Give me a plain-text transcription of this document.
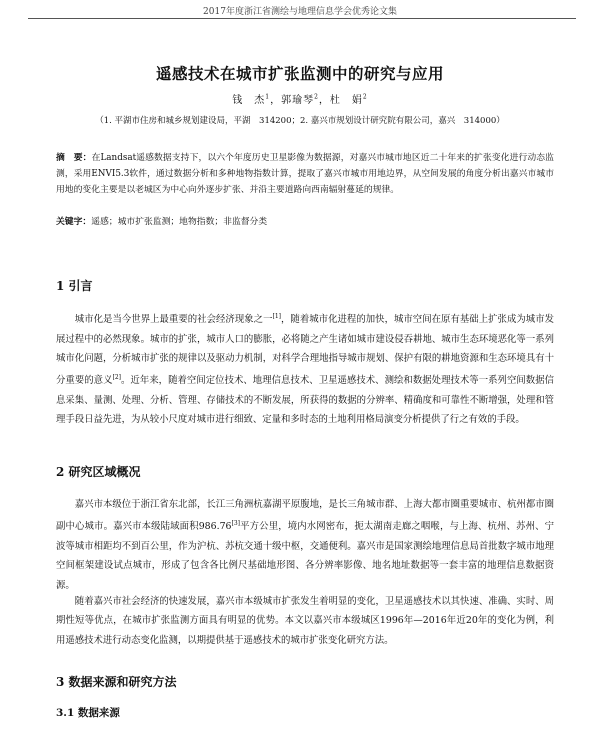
2017年度浙江省测绘与地理信息学会优秀论文集
遥感技术在城市扩张监测中的研究与应用
钱　杰$^1$，郭瑜琴$^2$，杜　娟$^2$
（1. 平湖市住房和城乡规划建设局，平湖　314200；2. 嘉兴市规划设计研究院有限公司，嘉兴　314000）
摘　要：在Landsat遥感数据支持下，以六个年度历史卫星影像为数据源，对嘉兴市城市地区近二十年来的扩张变化进行动态监测，采用ENVI5.3软件，通过数据分析和多种地物指数计算，提取了嘉兴市城市用地边界，从空间发展的角度分析出嘉兴市城市用地的变化主要是以老城区为中心向外逐步扩张、并沿主要道路向西南辐射蔓延的规律。
关键字：遥感；城市扩张监测；地物指数；非监督分类
1 引言

城市化是当今世界上最重要的社会经济现象之一[1]，随着城市化进程的加快，城市空间在原有基础上扩张成为城市发展过程中的必然现象。城市的扩张，城市人口的膨胀，必将随之产生诸如城市建设侵吞耕地、城市生态环境恶化等一系列城市化问题，分析城市扩张的规律以及驱动力机制，对科学合理地指导城市规划、保护有限的耕地资源和生态环境具有十分重要的意义[2]。近年来，随着空间定位技术、地理信息技术、卫星遥感技术、测绘和数据处理技术等一系列空间数据信息采集、量测、处理、分析、管理、存储技术的不断发展，所获得的数据的分辨率、精确度和可靠性不断增强，处理和管理手段日益先进，为从较小尺度对城市进行细致、定量和多时态的土地利用格局演变分析提供了行之有效的手段。

2 研究区域概况

嘉兴市本级位于浙江省东北部，长江三角洲杭嘉湖平原腹地，是长三角城市群、上海大都市圈重要城市、杭州都市圈副中心城市。嘉兴市本级陆域面积986.76[3]平方公里，境内水网密布，扼太湖南走廊之咽喉，与上海、杭州、苏州、宁波等城市相距均不到百公里，作为沪杭、苏杭交通十级中枢，交通便利。嘉兴市是国家测绘地理信息局首批数字城市地理空间框架建设试点城市，形成了包含各比例尺基础地形图、各分辨率影像、地名地址数据等一套丰富的地理信息数据资源。

随着嘉兴市社会经济的快速发展，嘉兴市本级城市扩张发生着明显的变化，卫星遥感技术以其快速、准确、实时、周期性短等优点，在城市扩张监测方面具有明显的优势。本文以嘉兴市本级城区1996年—2016年近20年的变化为例，利用遥感技术进行动态变化监测，以期提供基于遥感技术的城市扩张变化研究方法。

3 数据来源和研究方法
3.1 数据来源
